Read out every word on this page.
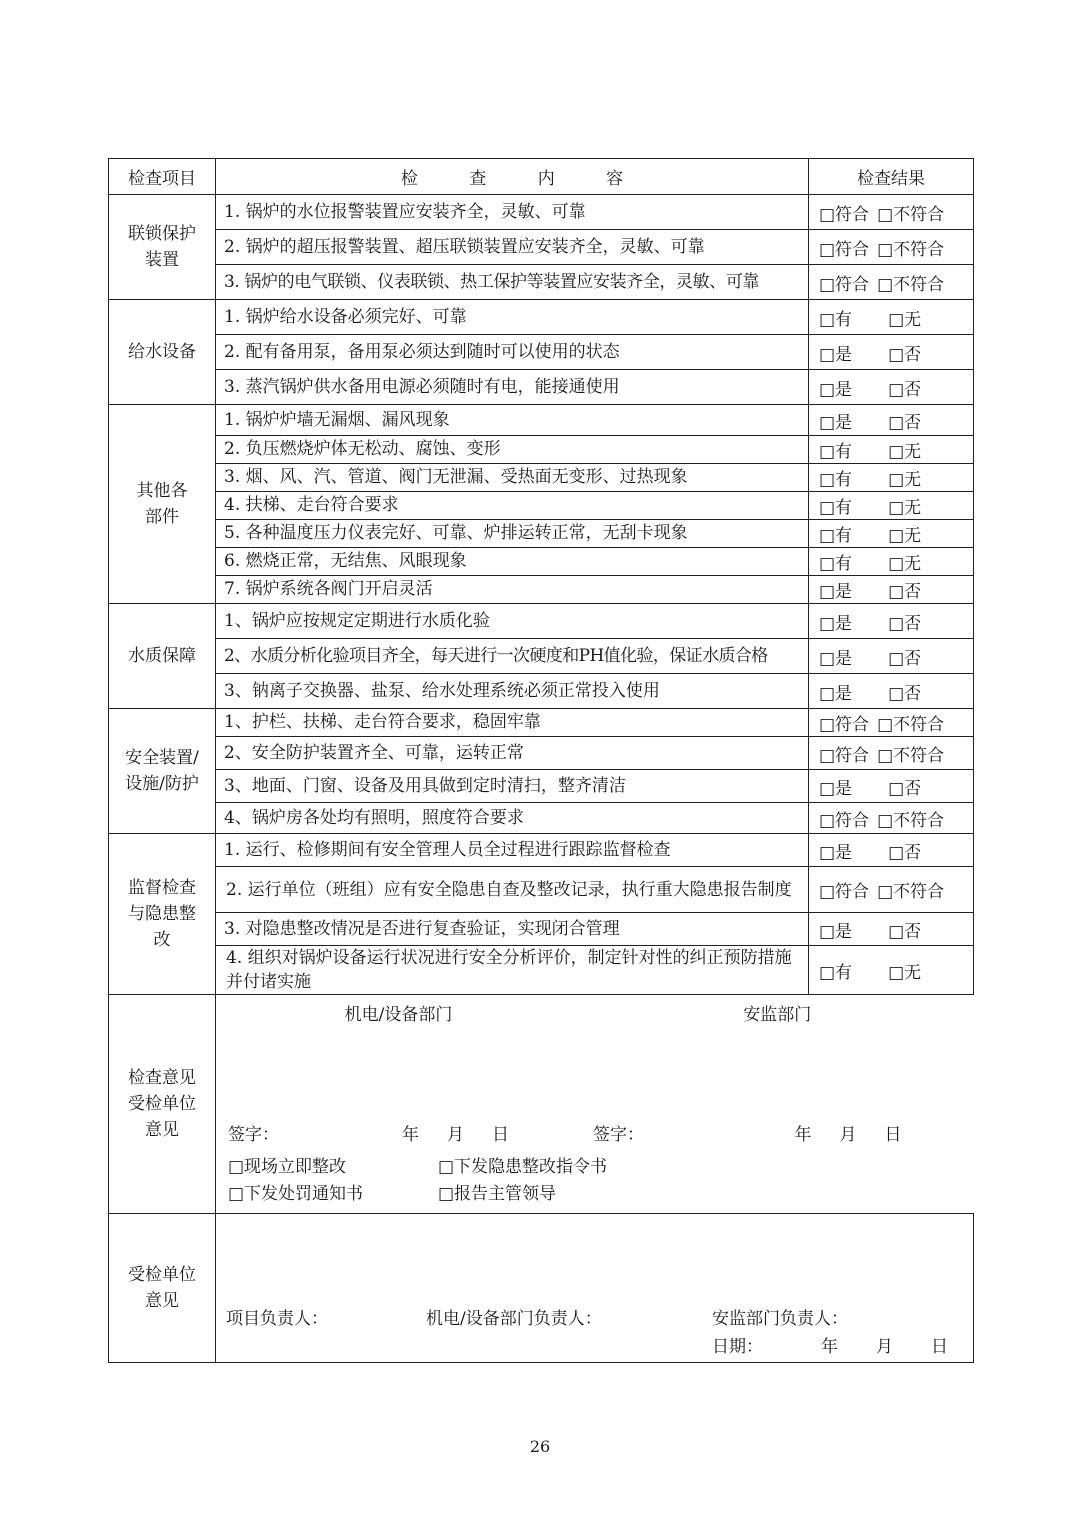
检查项目	检	查	内	容	检查结果

联锁保护
装置
	1. 锅炉的水位报警装置应安装齐全，灵敏、可靠	□符合 □不符合
2. 锅炉的超压报警装置、超压联锁装置应安装齐全，灵敏、可靠	□符合 □不符合
3. 锅炉的电气联锁、仪表联锁、热工保护等装置应安装齐全，灵敏、可靠	□符合 □不符合
给水设备	1. 锅炉给水设备必须完好、可靠	□有 □无
2. 配有备用泵，备用泵必须达到随时可以使用的状态	□是 □否
3. 蒸汽锅炉供水备用电源必须随时有电，能接通使用	□是 □否

其他各
部件
	1. 锅炉炉墙无漏烟、漏风现象	□是 □否
2. 负压燃烧炉体无松动、腐蚀、变形	□有 □无
3. 烟、风、汽、管道、阀门无泄漏、受热面无变形、过热现象	□有 □无
4. 扶梯、走台符合要求	□有 □无
5. 各种温度压力仪表完好、可靠、炉排运转正常，无刮卡现象	□有 □无
6. 燃烧正常，无结焦、风眼现象	□有 □无
7. 锅炉系统各阀门开启灵活	□是 □否
水质保障	1、锅炉应按规定定期进行水质化验	□是 □否
2、水质分析化验项目齐全，每天进行一次硬度和PH值化验，保证水质合格	□是 □否
3、钠离子交换器、盐泵、给水处理系统必须正常投入使用	□是 □否

安全装置/
设施/防护
	1、护栏、扶梯、走台符合要求，稳固牢靠	□符合 □不符合
2、安全防护装置齐全、可靠，运转正常	□符合 □不符合
3、地面、门窗、设备及用具做到定时清扫，整齐清洁	□是 □否
4、锅炉房各处均有照明，照度符合要求	□符合 □不符合

监督检查
与隐患整
改
	1. 运行、检修期间有安全管理人员全过程进行跟踪监督检查	□是 □否
2. 运行单位（班组）应有安全隐患自查及整改记录，执行重大隐患报告制度	□符合 □不符合
3. 对隐患整改情况是否进行复查验证，实现闭合管理	□是 □否
4. 组织对锅炉设备运行状况进行安全分析评价，制定针对性的纠正预防措施并付诸实施	□有 □无

检查意见
受检单位
意见

机电/设备部门	安监部门

签字：	年 月 日	签字：	年 月 日

□现场立即整改	□下发隐患整改指令书
□下发处罚通知书	□报告主管领导

受检单位
意见

项目负责人：	机电/设备部门负责人：	安监部门负责人：
日期：	年 月 日
26
